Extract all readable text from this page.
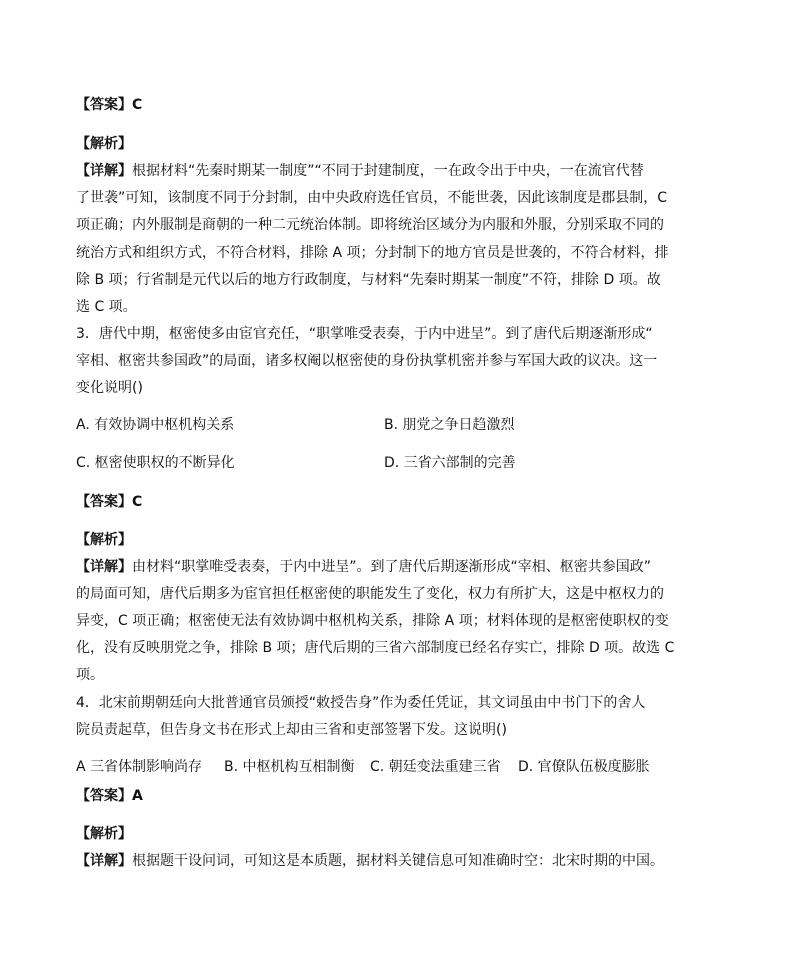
【答案】C
【解析】
【详解】根据材料“先秦时期某一制度”“不同于封建制度，一在政令出于中央，一在流官代替
了世袭”可知，该制度不同于分封制，由中央政府选任官员，不能世袭，因此该制度是郡县制，C
项正确；内外服制是商朝的一种二元统治体制。即将统治区域分为内服和外服，分别采取不同的
统治方式和组织方式，不符合材料，排除 A 项；分封制下的地方官员是世袭的，不符合材料，排
除 B 项；行省制是元代以后的地方行政制度，与材料“先秦时期某一制度”不符，排除 D 项。故
选 C 项。
3．唐代中期，枢密使多由宦官充任，“职掌唯受表奏，于内中进呈”。到了唐代后期逐渐形成“
宰相、枢密共参国政”的局面，诸多权阉以枢密使的身份执掌机密并参与军国大政的议决。这一
变化说明()
A. 有效协调中枢机构关系	B. 朋党之争日趋激烈
C. 枢密使职权的不断异化	D. 三省六部制的完善
【答案】C
【解析】
【详解】由材料“职掌唯受表奏，于内中进呈”。到了唐代后期逐渐形成“宰相、枢密共参国政”
的局面可知，唐代后期多为宦官担任枢密使的职能发生了变化，权力有所扩大，这是中枢权力的
异变，C 项正确；枢密使无法有效协调中枢机构关系，排除 A 项；材料体现的是枢密使职权的变
化，没有反映朋党之争，排除 B 项；唐代后期的三省六部制度已经名存实亡，排除 D 项。故选 C
项。
4．北宋前期朝廷向大批普通官员颁授“敕授告身”作为委任凭证，其文词虽由中书门下的舍人
院员责起草，但告身文书在形式上却由三省和吏部签署下发。这说明()
A 三省体制影响尚存 B. 中枢机构互相制衡 C. 朝廷变法重建三省 D. 官僚队伍极度膨胀
【答案】A
【解析】
【详解】根据题干设问词，可知这是本质题，据材料关键信息可知准确时空：北宋时期的中国。
